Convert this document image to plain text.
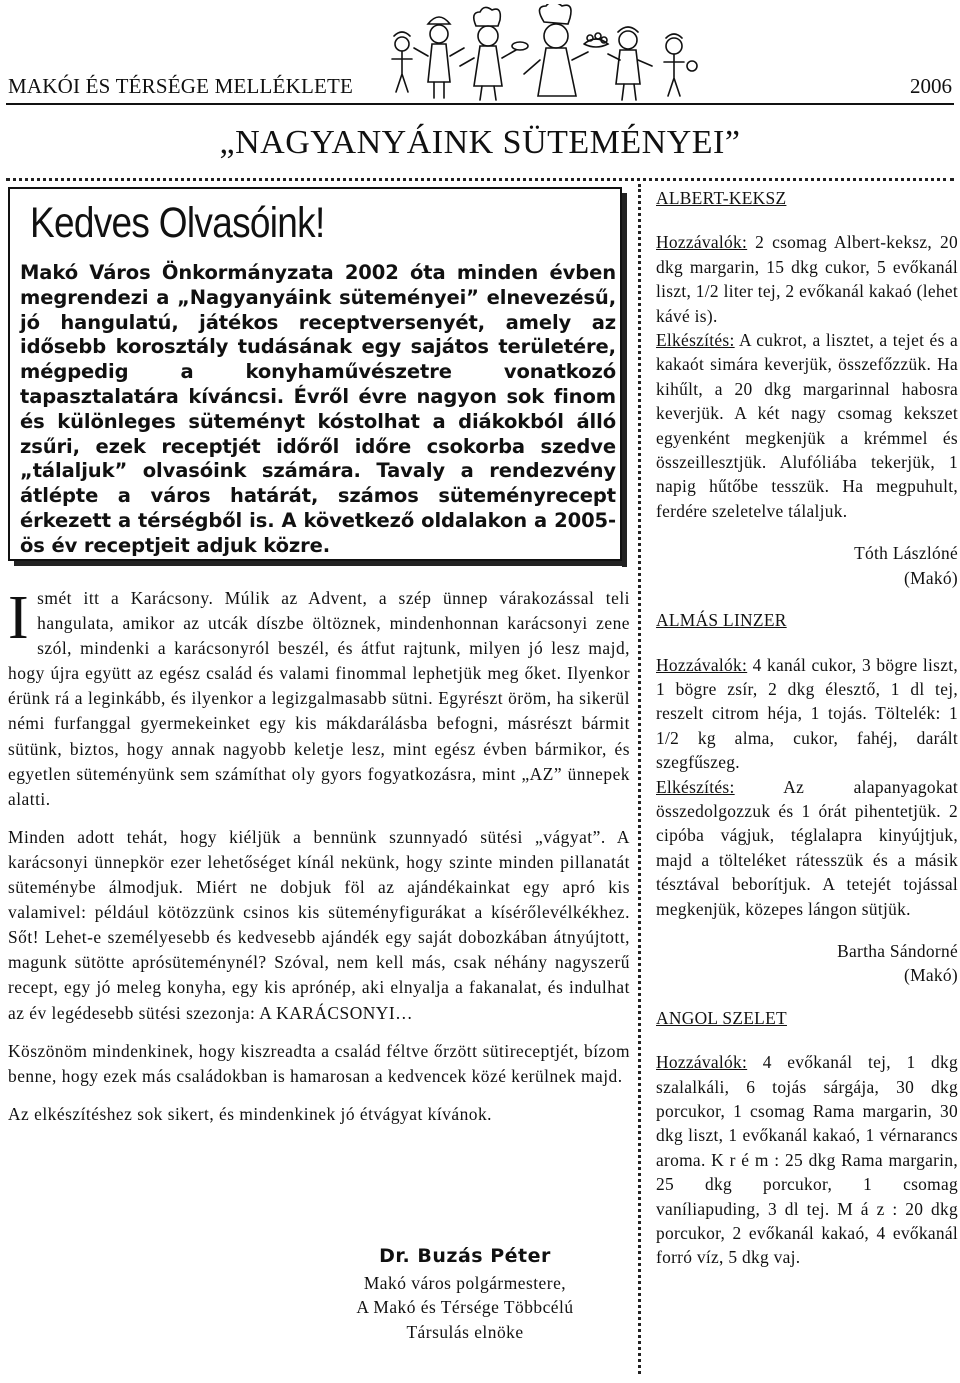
MAKÓI ÉS TÉRSÉGE MELLÉKLETE	2006
„NAGYANYÁINK SÜTEMÉNYEI”
Kedves Olvasóink!
Makó Város Önkormányzata 2002 óta minden évben megrendezi a „Nagyanyáink süteményei” elnevezésű, jó hangulatú, játékos receptversenyét, amely az idősebb korosztály tudásának egy sajátos területére, mégpedig a konyhaművészetre vonatkozó tapasztalatára kíváncsi. Évről évre nagyon sok finom és különleges süteményt kóstolhat a diákokból álló zsűri, ezek receptjét időről időre csokorba szedve „tálaljuk” olvasóink számára. Tavaly a rendezvény átlépte a város határát, számos süteményrecept érkezett a térségből is. A következő oldalakon a 2005-ös év receptjeit adjuk közre.

Ismét itt a Karácsony. Múlik az Advent, a szép ünnep várakozással teli hangulata, amikor az utcák díszbe öltöznek, mindenhonnan karácsonyi zene szól, mindenki a karácsonyról beszél, és átfut rajtunk, milyen jó lesz majd, hogy újra együtt az egész család és valami finommal lephetjük meg őket. Ilyenkor érünk rá a leginkább, és ilyenkor a legizgalmasabb sütni. Egyrészt öröm, ha sikerül némi furfanggal gyermekeinket egy kis mákdarálásba befogni, másrészt bármit sütünk, biztos, hogy annak nagyobb keletje lesz, mint egész évben bármikor, és egyetlen süteményünk sem számíthat oly gyors fogyatkozásra, mint „AZ” ünnepek alatti.

Minden adott tehát, hogy kiéljük a bennünk szunnyadó sütési „vágyat”. A karácsonyi ünnepkör ezer lehetőséget kínál nekünk, hogy szinte minden pillanatát süteménybe álmodjuk. Miért ne dobjuk föl az ajándékainkat egy apró kis valamivel: például kötözzünk csinos kis süteményfigurákat a kísérőlevélkékhez. Sőt! Lehet-e személyesebb és kedvesebb ajándék egy saját dobozkában átnyújtott, magunk sütötte aprósüteménynél? Szóval, nem kell más, csak néhány nagyszerű recept, egy jó meleg konyha, egy kis aprónép, aki elnyalja a fakanalat, és indulhat az év legédesebb sütési szezonja: A KARÁCSONYI…

Köszönöm mindenkinek, hogy kiszreadta a család féltve őrzött sütireceptjét, bízom benne, hogy ezek más családokban is hamarosan a kedvencek közé kerülnek majd.

Az elkészítéshez sok sikert, és mindenkinek jó étvágyat kívánok.

Dr. Buzás Péter
Makó város polgármestere,
A Makó és Térsége Többcélú
Társulás elnöke

ALBERT-KEKSZ

Hozzávalók: 2 csomag Albert-keksz, 20 dkg margarin, 15 dkg cukor, 5 evőkanál liszt, 1/2 liter tej, 2 evőkanál kakaó (lehet kávé is).

Elkészítés: A cukrot, a lisztet, a tejet és a kakaót simára keverjük, összefőzzük. Ha kihűlt, a 20 dkg margarinnal habosra keverjük. A két nagy csomag kekszet egyenként megkenjük a krémmel és összeillesztjük. Alufóliába tekerjük, 1 napig hűtőbe tesszük. Ha megpuhult, ferdére szeletelve tálaljuk.

Tóth Lászlóné
(Makó)

ALMÁS LINZER

Hozzávalók: 4 kanál cukor, 3 bögre liszt, 1 bögre zsír, 2 dkg élesztő, 1 dl tej, reszelt citrom héja, 1 tojás. Töltelék: 1 1/2 kg alma, cukor, fahéj, darált szegfűszeg.

Elkészítés: Az alapanyagokat összedolgozzuk és 1 órát pihentetjük. 2 cipóba vágjuk, téglalapra kinyújtjuk, majd a tölteléket rátesszük és a másik tésztával beborítjuk. A tetejét tojással megkenjük, közepes lángon sütjük.

Bartha Sándorné
(Makó)

ANGOL SZELET

Hozzávalók: 4 evőkanál tej, 1 dkg szalalkáli, 6 tojás sárgája, 30 dkg porcukor, 1 csomag Rama margarin, 30 dkg liszt, 1 evőkanál kakaó, 1 vérnarancs aroma. K r é m : 25 dkg Rama margarin, 25 dkg porcukor, 1 csomag vaníliapuding, 3 dl tej. M á z : 20 dkg porcukor, 2 evőkanál kakaó, 4 evőkanál forró víz, 5 dkg vaj.
